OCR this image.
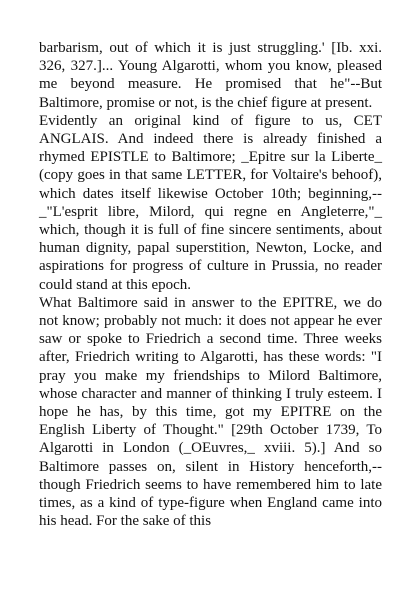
barbarism, out of which it is just struggling.' [Ib. xxi. 326, 327.]... Young Algarotti, whom you know, pleased me beyond measure. He promised that he"--But Baltimore, promise or not, is the chief figure at present.

Evidently an original kind of figure to us, CET ANGLAIS. And indeed there is already finished a rhymed EPISTLE to Baltimore; _Epitre sur la Liberte_ (copy goes in that same LETTER, for Voltaire's behoof), which dates itself likewise October 10th; beginning,--_"L'esprit libre, Milord, qui regne en Angleterre,"_ which, though it is full of fine sincere sentiments, about human dignity, papal superstition, Newton, Locke, and aspirations for progress of culture in Prussia, no reader could stand at this epoch.

What Baltimore said in answer to the EPITRE, we do not know; probably not much: it does not appear he ever saw or spoke to Friedrich a second time. Three weeks after, Friedrich writing to Algarotti, has these words: "I pray you make my friendships to Milord Baltimore, whose character and manner of thinking I truly esteem. I hope he has, by this time, got my EPITRE on the English Liberty of Thought." [29th October 1739, To Algarotti in London (_OEuvres,_ xviii. 5).] And so Baltimore passes on, silent in History henceforth,--though Friedrich seems to have remembered him to late times, as a kind of type-figure when England came into his head. For the sake of this
